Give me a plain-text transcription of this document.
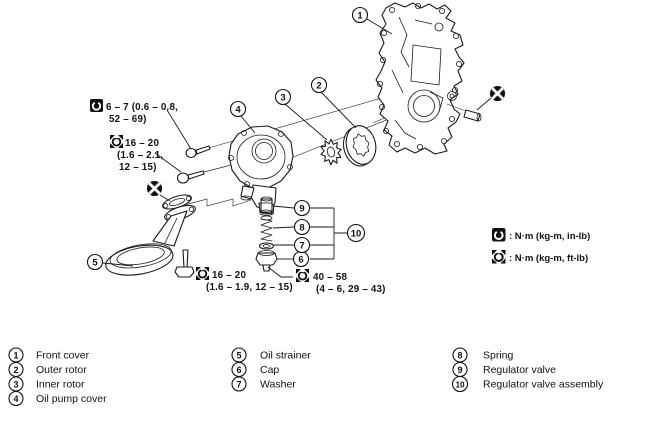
1
2
3
4
5	6
7
8
9
10
6 – 7 (0.6 – 0.8,
52 – 69)
16 – 20
(1.6 – 2.1,
12 – 15)
16 – 20
(1.6 – 1.9, 12 – 15)
40 – 58
(4 – 6, 29 – 43)
: N·m (kg-m, in-lb)
: N·m (kg-m, ft-lb)
1 Front cover
2 Outer rotor
3 Inner rotor
4 Oil pump cover
5 Oil strainer
6 Cap
7 Washer
8 Spring
9 Regulator valve
10 Regulator valve assembly
